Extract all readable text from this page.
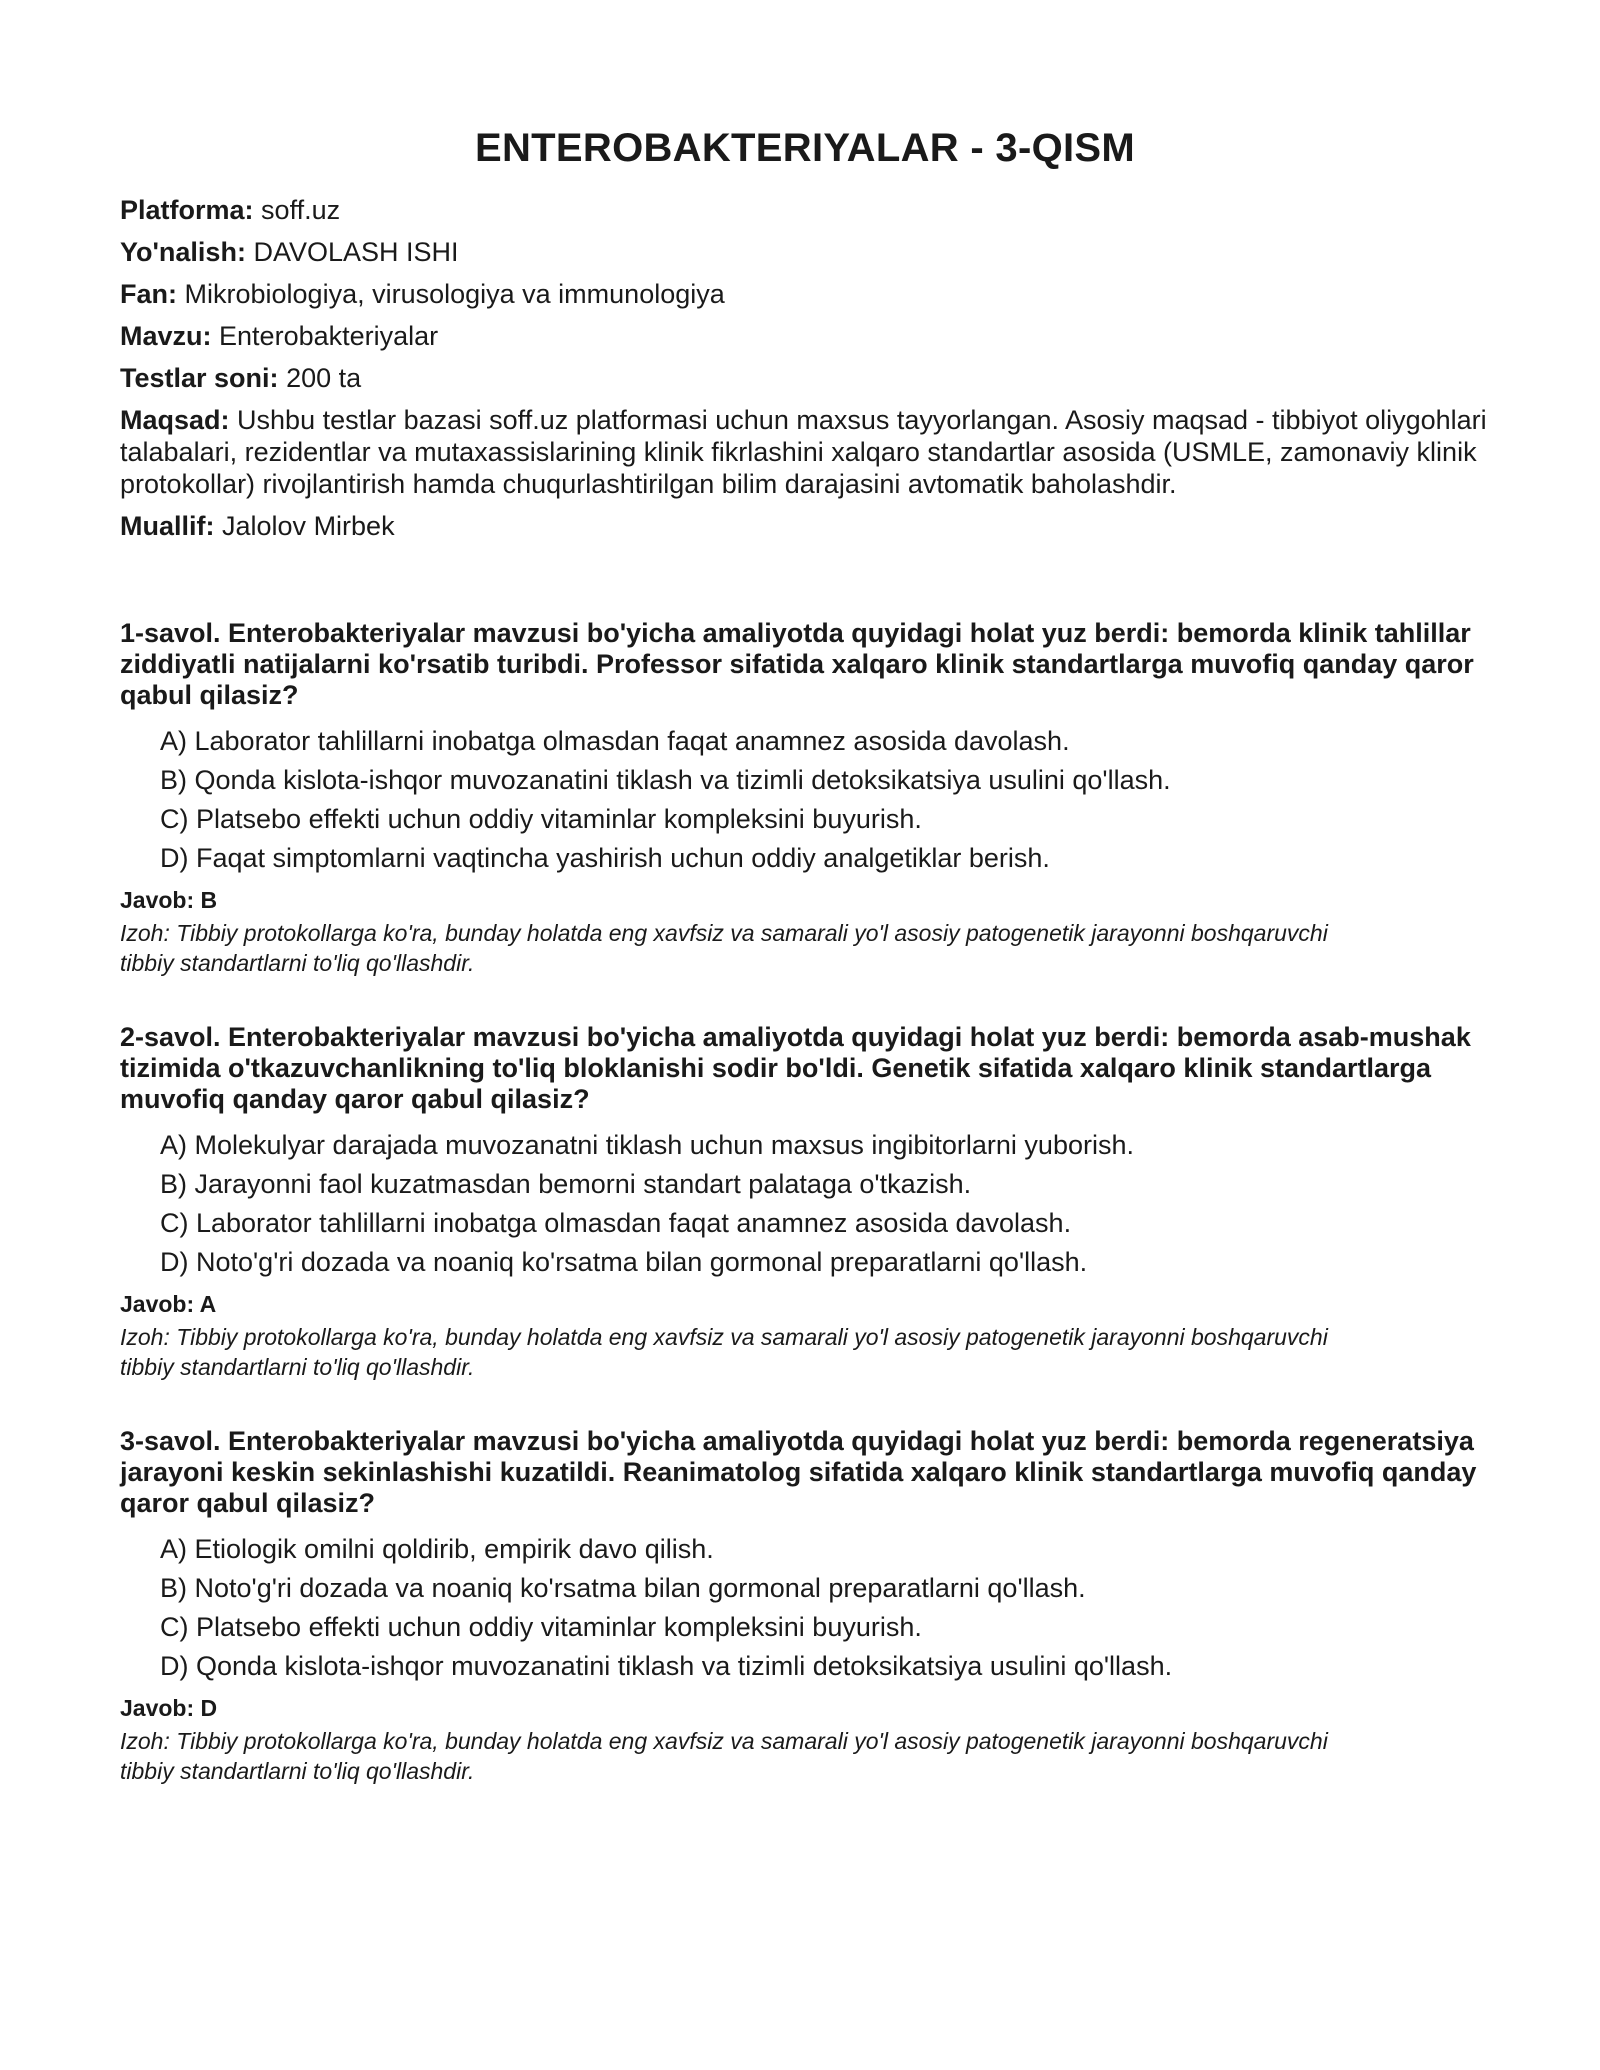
ENTEROBAKTERIYALAR - 3-QISM

Platforma: soff.uz

Yo'nalish: DAVOLASH ISHI

Fan: Mikrobiologiya, virusologiya va immunologiya

Mavzu: Enterobakteriyalar

Testlar soni: 200 ta

Maqsad: Ushbu testlar bazasi soff.uz platformasi uchun maxsus tayyorlangan. Asosiy maqsad - tibbiyot oliygohlari talabalari, rezidentlar va mutaxassislarining klinik fikrlashini xalqaro standartlar asosida (USMLE, zamonaviy klinik protokollar) rivojlantirish hamda chuqurlashtirilgan bilim darajasini avtomatik baholashdir.

Muallif: Jalolov Mirbek

1-savol. Enterobakteriyalar mavzusi bo'yicha amaliyotda quyidagi holat yuz berdi: bemorda klinik tahlillar ziddiyatli natijalarni ko'rsatib turibdi. Professor sifatida xalqaro klinik standartlarga muvofiq qanday qaror qabul qilasiz?

A) Laborator tahlillarni inobatga olmasdan faqat anamnez asosida davolash.
B) Qonda kislota-ishqor muvozanatini tiklash va tizimli detoksikatsiya usulini qo'llash.
C) Platsebo effekti uchun oddiy vitaminlar kompleksini buyurish.
D) Faqat simptomlarni vaqtincha yashirish uchun oddiy analgetiklar berish.

Javob: B

Izoh: Tibbiy protokollarga ko'ra, bunday holatda eng xavfsiz va samarali yo'l asosiy patogenetik jarayonni boshqaruvchi tibbiy standartlarni to'liq qo'llashdir.

2-savol. Enterobakteriyalar mavzusi bo'yicha amaliyotda quyidagi holat yuz berdi: bemorda asab-mushak tizimida o'tkazuvchanlikning to'liq bloklanishi sodir bo'ldi. Genetik sifatida xalqaro klinik standartlarga muvofiq qanday qaror qabul qilasiz?

A) Molekulyar darajada muvozanatni tiklash uchun maxsus ingibitorlarni yuborish.
B) Jarayonni faol kuzatmasdan bemorni standart palataga o'tkazish.
C) Laborator tahlillarni inobatga olmasdan faqat anamnez asosida davolash.
D) Noto'g'ri dozada va noaniq ko'rsatma bilan gormonal preparatlarni qo'llash.

Javob: A

Izoh: Tibbiy protokollarga ko'ra, bunday holatda eng xavfsiz va samarali yo'l asosiy patogenetik jarayonni boshqaruvchi tibbiy standartlarni to'liq qo'llashdir.

3-savol. Enterobakteriyalar mavzusi bo'yicha amaliyotda quyidagi holat yuz berdi: bemorda regeneratsiya jarayoni keskin sekinlashishi kuzatildi. Reanimatolog sifatida xalqaro klinik standartlarga muvofiq qanday qaror qabul qilasiz?

A) Etiologik omilni qoldirib, empirik davo qilish.
B) Noto'g'ri dozada va noaniq ko'rsatma bilan gormonal preparatlarni qo'llash.
C) Platsebo effekti uchun oddiy vitaminlar kompleksini buyurish.
D) Qonda kislota-ishqor muvozanatini tiklash va tizimli detoksikatsiya usulini qo'llash.

Javob: D

Izoh: Tibbiy protokollarga ko'ra, bunday holatda eng xavfsiz va samarali yo'l asosiy patogenetik jarayonni boshqaruvchi tibbiy standartlarni to'liq qo'llashdir.
